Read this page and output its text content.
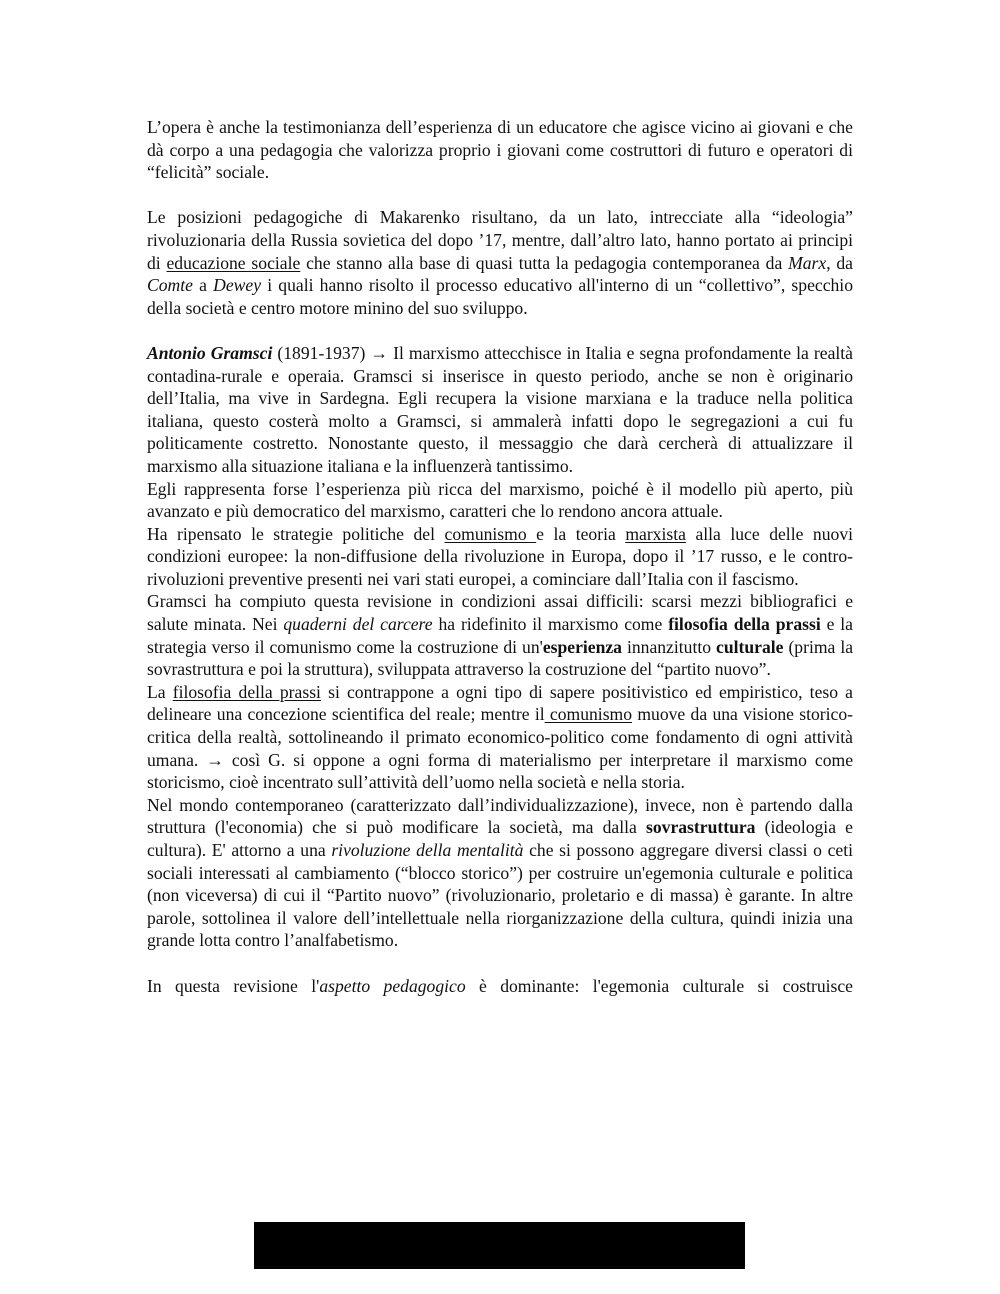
L’opera è anche la testimonianza dell’esperienza di un educatore che agisce vicino ai giovani e che dà corpo a una pedagogia che valorizza proprio i giovani come costruttori di futuro e operatori di “felicità” sociale.

Le posizioni pedagogiche di Makarenko risultano, da un lato, intrecciate alla “ideologia” rivoluzionaria della Russia sovietica del dopo ’17, mentre, dall’altro lato, hanno portato ai principi di educazione sociale che stanno alla base di quasi tutta la pedagogia contemporanea da Marx, da Comte a Dewey i quali hanno risolto il processo educativo all'interno di un “collettivo”, specchio della società e centro motore minino del suo sviluppo.

Antonio Gramsci (1891-1937) → Il marxismo attecchisce in Italia e segna profondamente la realtà contadina-rurale e operaia. Gramsci si inserisce in questo periodo, anche se non è originario dell’Italia, ma vive in Sardegna. Egli recupera la visione marxiana e la traduce nella politica italiana, questo costerà molto a Gramsci, si ammalerà infatti dopo le segregazioni a cui fu politicamente costretto. Nonostante questo, il messaggio che darà cercherà di attualizzare il marxismo alla situazione italiana e la influenzerà tantissimo.

Egli rappresenta forse l’esperienza più ricca del marxismo, poiché è il modello più aperto, più avanzato e più democratico del marxismo, caratteri che lo rendono ancora attuale.

Ha ripensato le strategie politiche del comunismo e la teoria marxista alla luce delle nuovi condizioni europee: la non-diffusione della rivoluzione in Europa, dopo il ’17 russo, e le contro-rivoluzioni preventive presenti nei vari stati europei, a cominciare dall’Italia con il fascismo.

Gramsci ha compiuto questa revisione in condizioni assai difficili: scarsi mezzi bibliografici e salute minata. Nei quaderni del carcere ha ridefinito il marxismo come filosofia della prassi e la strategia verso il comunismo come la costruzione di un'esperienza innanzitutto culturale (prima la sovrastruttura e poi la struttura), sviluppata attraverso la costruzione del “partito nuovo”.

La filosofia della prassi si contrappone a ogni tipo di sapere positivistico ed empiristico, teso a delineare una concezione scientifica del reale; mentre il comunismo muove da una visione storico-critica della realtà, sottolineando il primato economico-politico come fondamento di ogni attività umana. → così G. si oppone a ogni forma di materialismo per interpretare il marxismo come storicismo, cioè incentrato sull’attività dell’uomo nella società e nella storia.

Nel mondo contemporaneo (caratterizzato dall’individualizzazione), invece, non è partendo dalla struttura (l'economia) che si può modificare la società, ma dalla sovrastruttura (ideologia e cultura). E' attorno a una rivoluzione della mentalità che si possono aggregare diversi classi o ceti sociali interessati al cambiamento (“blocco storico”) per costruire un'egemonia culturale e politica (non viceversa) di cui il “Partito nuovo” (rivoluzionario, proletario e di massa) è garante. In altre parole, sottolinea il valore dell’intellettuale nella riorganizzazione della cultura, quindi inizia una grande lotta contro l’analfabetismo.

In questa revisione l'aspetto pedagogico è dominante: l'egemonia culturale si costruisce
